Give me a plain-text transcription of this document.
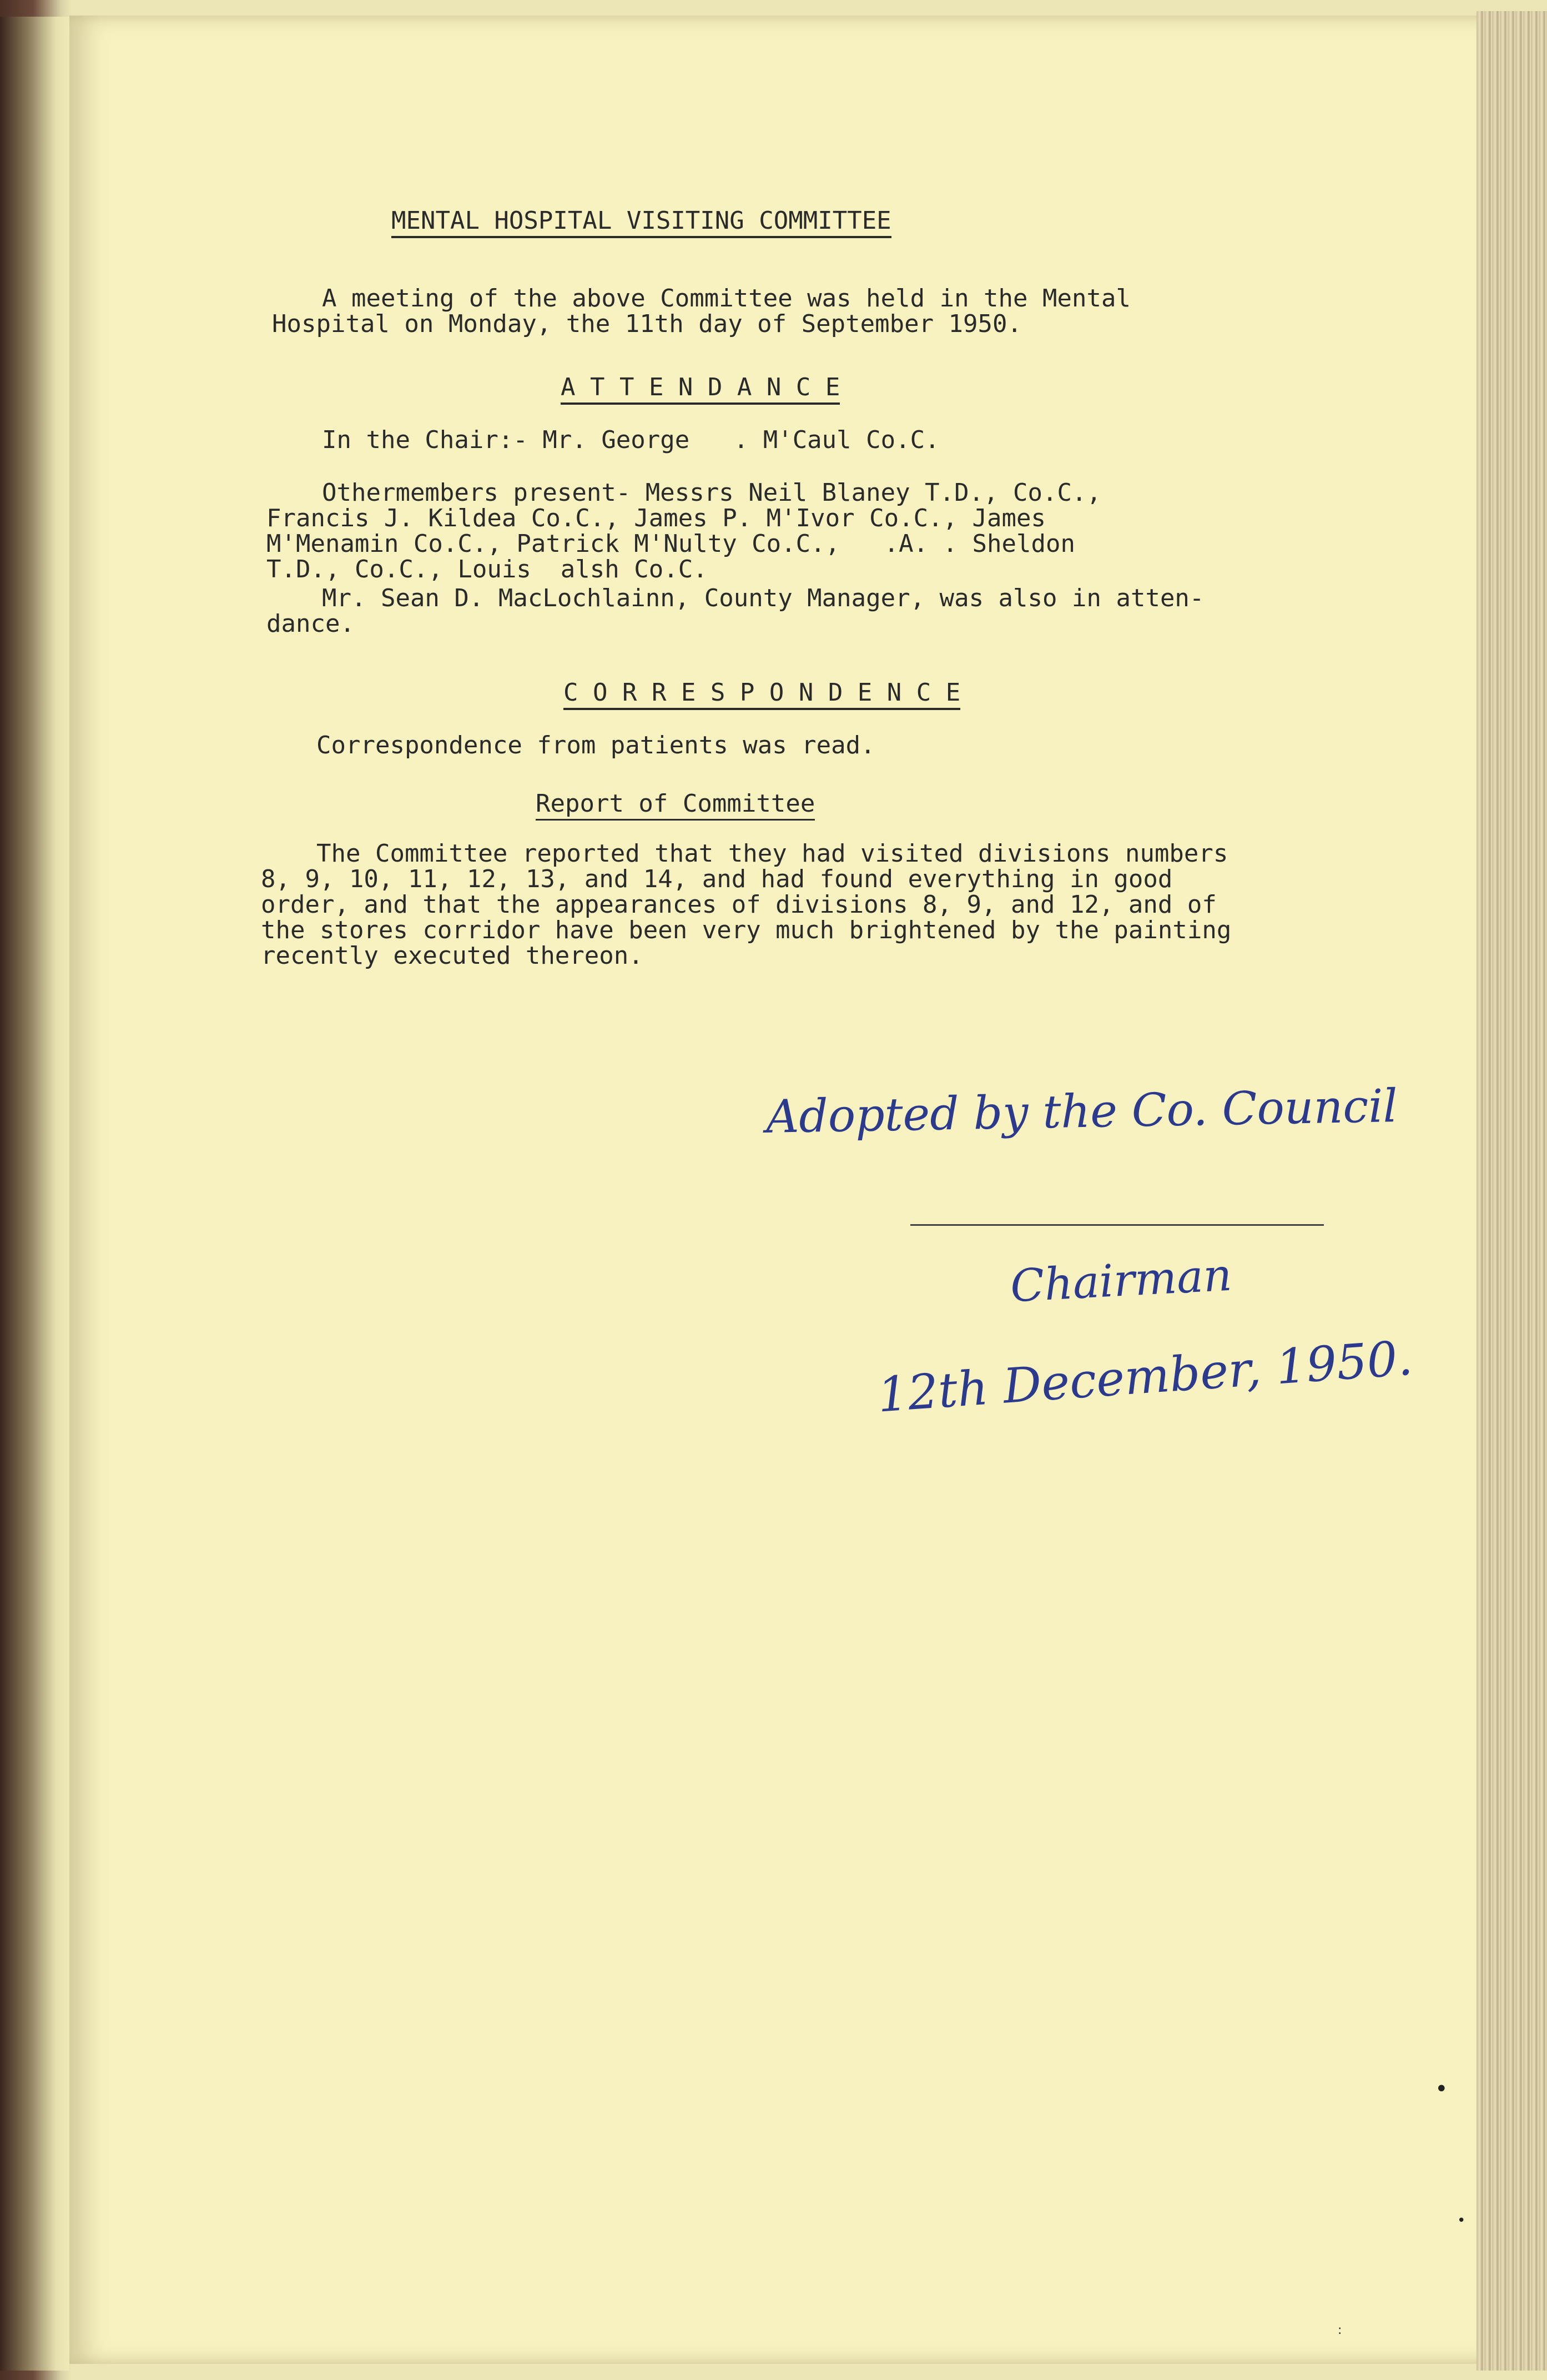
MENTAL HOSPITAL VISITING COMMITTEE
A meeting of the above Committee was held in the Mental
Hospital on Monday, the 11th day of September 1950.
A T T E N D A N C E
In the Chair:- Mr. George   . M'Caul Co.C.
Othermembers present- Messrs Neil Blaney T.D., Co.C.,
Francis J. Kildea Co.C., James P. M'Ivor Co.C., James
M'Menamin Co.C., Patrick M'Nulty Co.C.,   .A. . Sheldon
T.D., Co.C., Louis  alsh Co.C.
Mr. Sean D. MacLochlainn, County Manager, was also in atten-
dance.
C O R R E S P O N D E N C E
Correspondence from patients was read.
Report of Committee
The Committee reported that they had visited divisions numbers
8, 9, 10, 11, 12, 13, and 14, and had found everything in good
order, and that the appearances of divisions 8, 9, and 12, and of
the stores corridor have been very much brightened by the painting
recently executed thereon.
Adopted by the Co. Council
Chairman
12th December, 1950.
•
•
:
